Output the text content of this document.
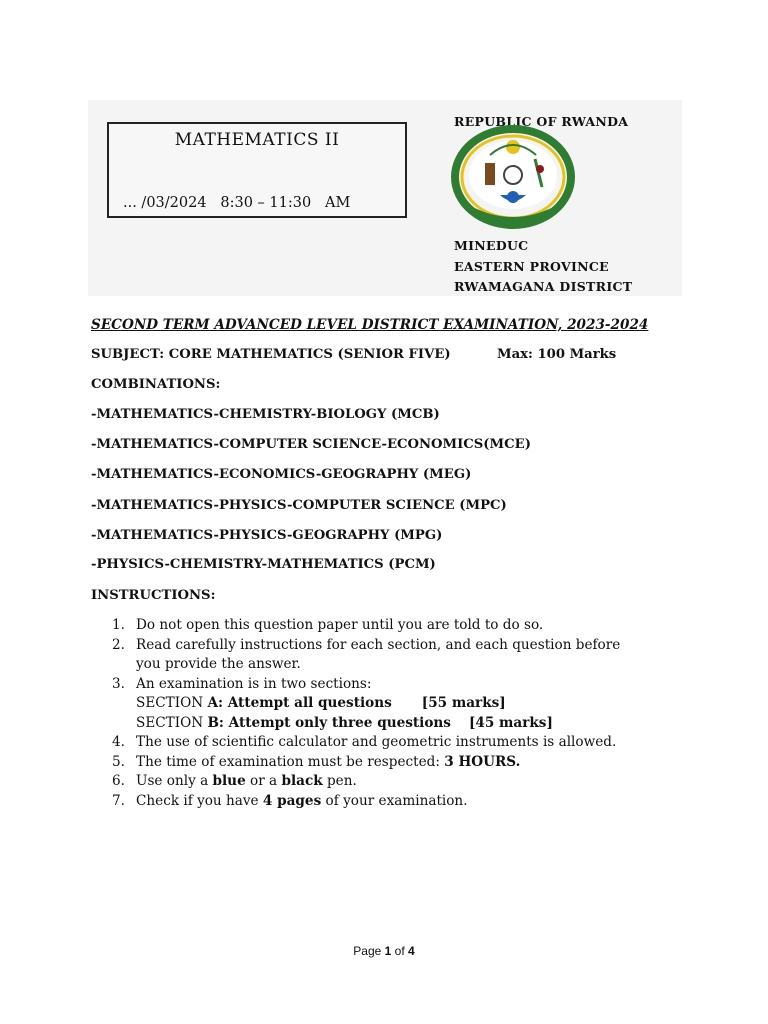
MATHEMATICS II
... /03/2024   8:30 – 11:30   AM
REPUBLIC OF RWANDA
MINEDUC
EASTERN PROVINCE
RWAMAGANA DISTRICT
SECOND TERM ADVANCED LEVEL DISTRICT EXAMINATION, 2023-2024
SUBJECT: CORE MATHEMATICS (SENIOR FIVE)	Max: 100 Marks
COMBINATIONS:
-MATHEMATICS-CHEMISTRY-BIOLOGY (MCB)
-MATHEMATICS-COMPUTER SCIENCE-ECONOMICS(MCE)
-MATHEMATICS-ECONOMICS-GEOGRAPHY (MEG)
-MATHEMATICS-PHYSICS-COMPUTER SCIENCE (MPC)
-MATHEMATICS-PHYSICS-GEOGRAPHY (MPG)
-PHYSICS-CHEMISTRY-MATHEMATICS (PCM)
INSTRUCTIONS:
1. Do not open this question paper until you are told to do so.
2. Read carefully instructions for each section, and each question before
you provide the answer.
3. An examination is in two sections:
SECTION A: Attempt all questions [55 marks]
SECTION B: Attempt only three questions [45 marks]
4. The use of scientific calculator and geometric instruments is allowed.
5. The time of examination must be respected: 3 HOURS.
6. Use only a blue or a black pen.
7. Check if you have 4 pages of your examination.
Page 1 of 4
